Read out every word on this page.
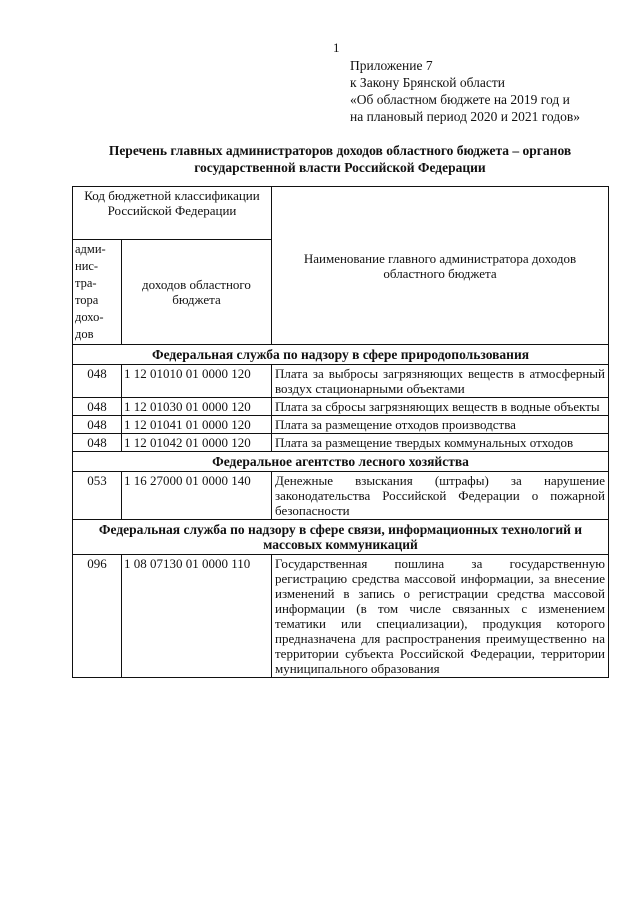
1
Приложение 7
к Закону Брянской области
«Об областном бюджете на 2019 год и
на плановый период 2020 и 2021 годов»
Перечень главных администраторов доходов областного бюджета – органов
государственной власти Российской Федерации
Код бюджетной классификации Российской Федерации		Наименование главного администратора доходов областного бюджета
адми-нис-тра-тора дохо-дов	доходов областного бюджета	
Федеральная служба по надзору в сфере природопользования		
048	1 12 01010 01 0000 120	Плата за выбросы загрязняющих веществ в атмосферный воздух стационарными объектами
048	1 12 01030 01 0000 120	Плата за сбросы загрязняющих веществ в водные объекты
048	1 12 01041 01 0000 120	Плата за размещение отходов производства
048	1 12 01042 01 0000 120	Плата за размещение твердых коммунальных отходов
Федеральное агентство лесного хозяйства		
053	1 16 27000 01 0000 140	Денежные взыскания (штрафы) за нарушение законодательства Российской Федерации о пожарной безопасности
Федеральная служба по надзору в сфере связи, информационных технологий и массовых коммуникаций		
096	1 08 07130 01 0000 110	Государственная пошлина за государственную регистрацию средства массовой информации, за внесение изменений в запись о регистрации средства массовой информации (в том числе связанных с изменением тематики или специализации), продукция которого предназначена для распространения преимущественно на территории субъекта Российской Федерации, территории муниципального образования
